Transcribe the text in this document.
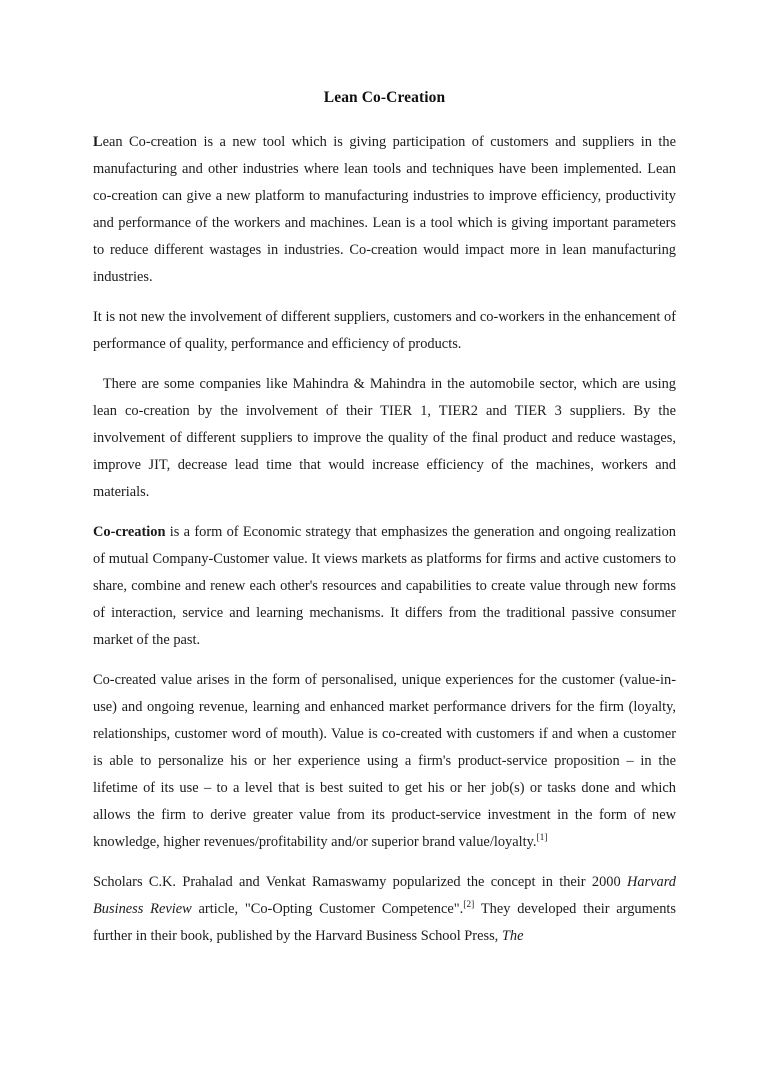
Lean Co-Creation

Lean Co-creation is a new tool which is giving participation of customers and suppliers in the manufacturing and other industries where lean tools and techniques have been implemented. Lean co-creation can give a new platform to manufacturing industries to improve efficiency, productivity and performance of the workers and machines. Lean is a tool which is giving important parameters to reduce different wastages in industries. Co-creation would impact more in lean manufacturing industries.

It is not new the involvement of different suppliers, customers and co-workers in the enhancement of performance of quality, performance and efficiency of products.

There are some companies like Mahindra & Mahindra in the automobile sector, which are using lean co-creation by the involvement of their TIER 1, TIER2 and TIER 3 suppliers. By the involvement of different suppliers to improve the quality of the final product and reduce wastages, improve JIT, decrease lead time that would increase efficiency of the machines, workers and materials.

Co-creation is a form of Economic strategy that emphasizes the generation and ongoing realization of mutual Company-Customer value. It views markets as platforms for firms and active customers to share, combine and renew each other's resources and capabilities to create value through new forms of interaction, service and learning mechanisms. It differs from the traditional passive consumer market of the past.

Co-created value arises in the form of personalised, unique experiences for the customer (value-in-use) and ongoing revenue, learning and enhanced market performance drivers for the firm (loyalty, relationships, customer word of mouth). Value is co-created with customers if and when a customer is able to personalize his or her experience using a firm's product-service proposition – in the lifetime of its use – to a level that is best suited to get his or her job(s) or tasks done and which allows the firm to derive greater value from its product-service investment in the form of new knowledge, higher revenues/profitability and/or superior brand value/loyalty.[1]

Scholars C.K. Prahalad and Venkat Ramaswamy popularized the concept in their 2000 Harvard Business Review article, "Co-Opting Customer Competence".[2] They developed their arguments further in their book, published by the Harvard Business School Press, The
